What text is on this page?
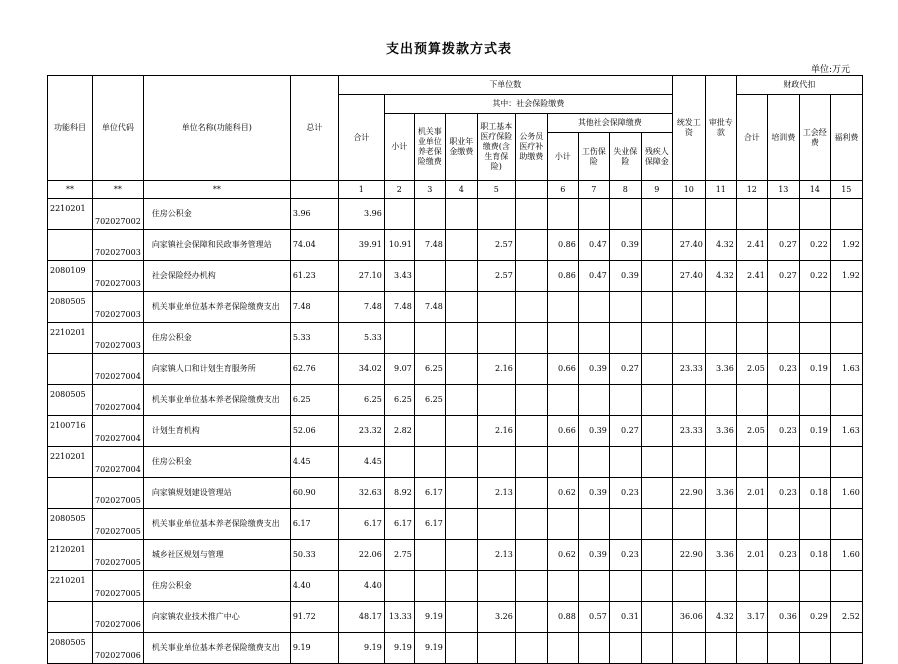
支出预算拨款方式表
单位:万元
功能科目	单位代码	单位名称(功能科目)	总计	下单位数										统发工资	审批专款	财政代扣			
				合计	其中：社会保险缴费											合计	培训费	工会经费	福利费
					小计	机关事业单位养老保险缴费	职业年金缴费	职工基本医疗保险缴费(含生育保险)	公务员医疗补助缴费	其他社会保障缴费									
										小计	工伤保险	失业保险	残疾人保障金						
**	**	**		1	2	3	4	5		6	7	8	9	10	11	12	13	14	15
2210201	702027002	住房公积金	3.96	3.96															
	702027003	向家镇社会保障和民政事务管理站	74.04	39.91	10.91	7.48		2.57		0.86	0.47	0.39		27.40	4.32	2.41	0.27	0.22	1.92
2080109	702027003	社会保险经办机构	61.23	27.10	3.43			2.57		0.86	0.47	0.39		27.40	4.32	2.41	0.27	0.22	1.92
2080505	702027003	机关事业单位基本养老保险缴费支出	7.48	7.48	7.48	7.48													
2210201	702027003	住房公积金	5.33	5.33															
	702027004	向家镇人口和计划生育服务所	62.76	34.02	9.07	6.25		2.16		0.66	0.39	0.27		23.33	3.36	2.05	0.23	0.19	1.63
2080505	702027004	机关事业单位基本养老保险缴费支出	6.25	6.25	6.25	6.25													
2100716	702027004	计划生育机构	52.06	23.32	2.82			2.16		0.66	0.39	0.27		23.33	3.36	2.05	0.23	0.19	1.63
2210201	702027004	住房公积金	4.45	4.45															
	702027005	向家镇规划建设管理站	60.90	32.63	8.92	6.17		2.13		0.62	0.39	0.23		22.90	3.36	2.01	0.23	0.18	1.60
2080505	702027005	机关事业单位基本养老保险缴费支出	6.17	6.17	6.17	6.17													
2120201	702027005	城乡社区规划与管理	50.33	22.06	2.75			2.13		0.62	0.39	0.23		22.90	3.36	2.01	0.23	0.18	1.60
2210201	702027005	住房公积金	4.40	4.40															
	702027006	向家镇农业技术推广中心	91.72	48.17	13.33	9.19		3.26		0.88	0.57	0.31		36.06	4.32	3.17	0.36	0.29	2.52
2080505	702027006	机关事业单位基本养老保险缴费支出	9.19	9.19	9.19	9.19													
